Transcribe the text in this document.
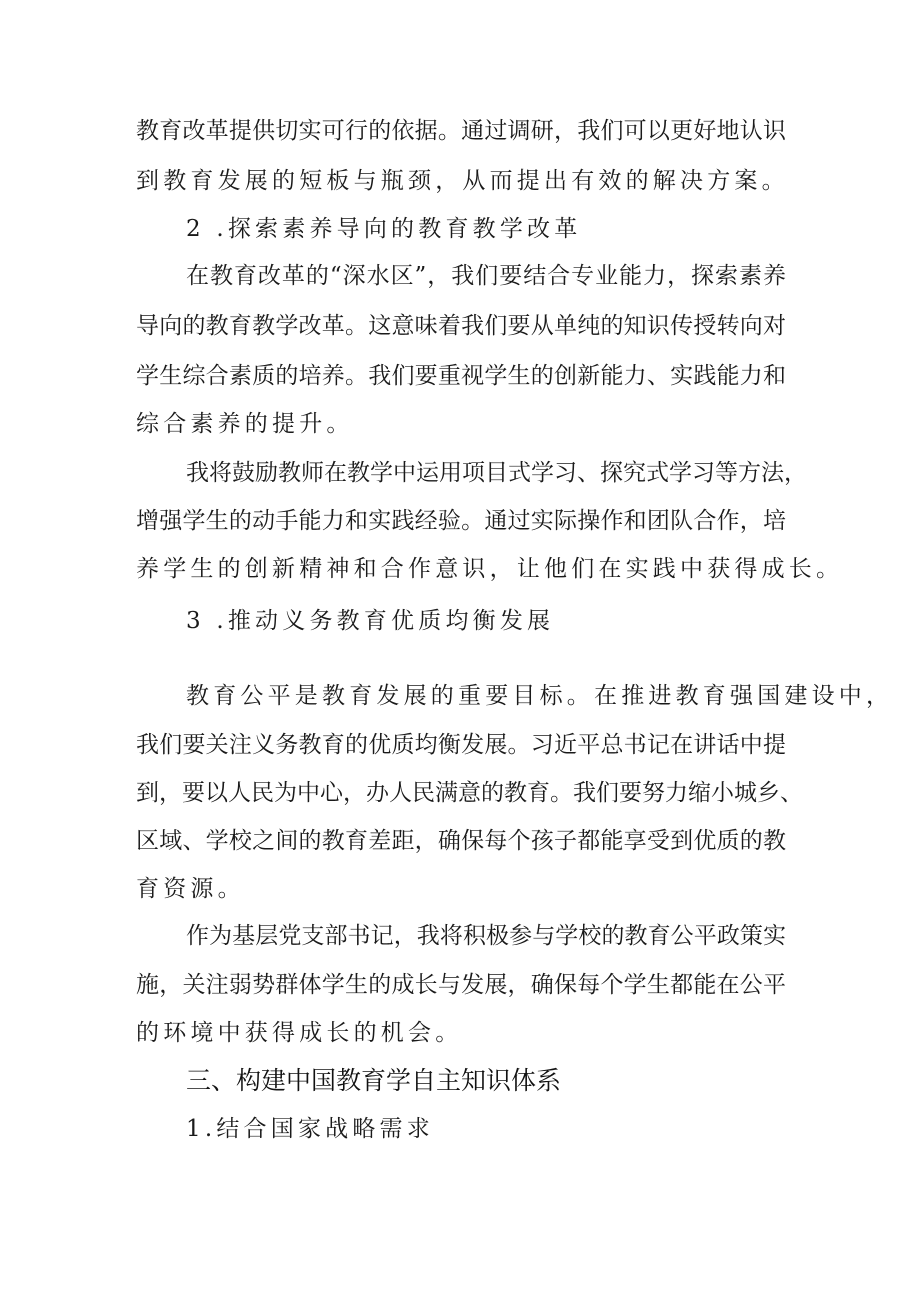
教育改革提供切实可行的依据。通过调研，我们可以更好地认识
到教育发展的短板与瓶颈，从而提出有效的解决方案。
2 .探索素养导向的教育教学改革
在教育改革的“深水区”，我们要结合专业能力，探索素养
导向的教育教学改革。这意味着我们要从单纯的知识传授转向对
学生综合素质的培养。我们要重视学生的创新能力、实践能力和
综合素养的提升。
我将鼓励教师在教学中运用项目式学习、探究式学习等方法，
增强学生的动手能力和实践经验。通过实际操作和团队合作，培
养学生的创新精神和合作意识，让他们在实践中获得成长。
3 .推动义务教育优质均衡发展
教育公平是教育发展的重要目标。在推进教育强国建设中，
我们要关注义务教育的优质均衡发展。习近平总书记在讲话中提
到，要以人民为中心，办人民满意的教育。我们要努力缩小城乡、
区域、学校之间的教育差距，确保每个孩子都能享受到优质的教
育资源。
作为基层党支部书记，我将积极参与学校的教育公平政策实
施，关注弱势群体学生的成长与发展，确保每个学生都能在公平
的环境中获得成长的机会。
三、构建中国教育学自主知识体系
1.结合国家战略需求
